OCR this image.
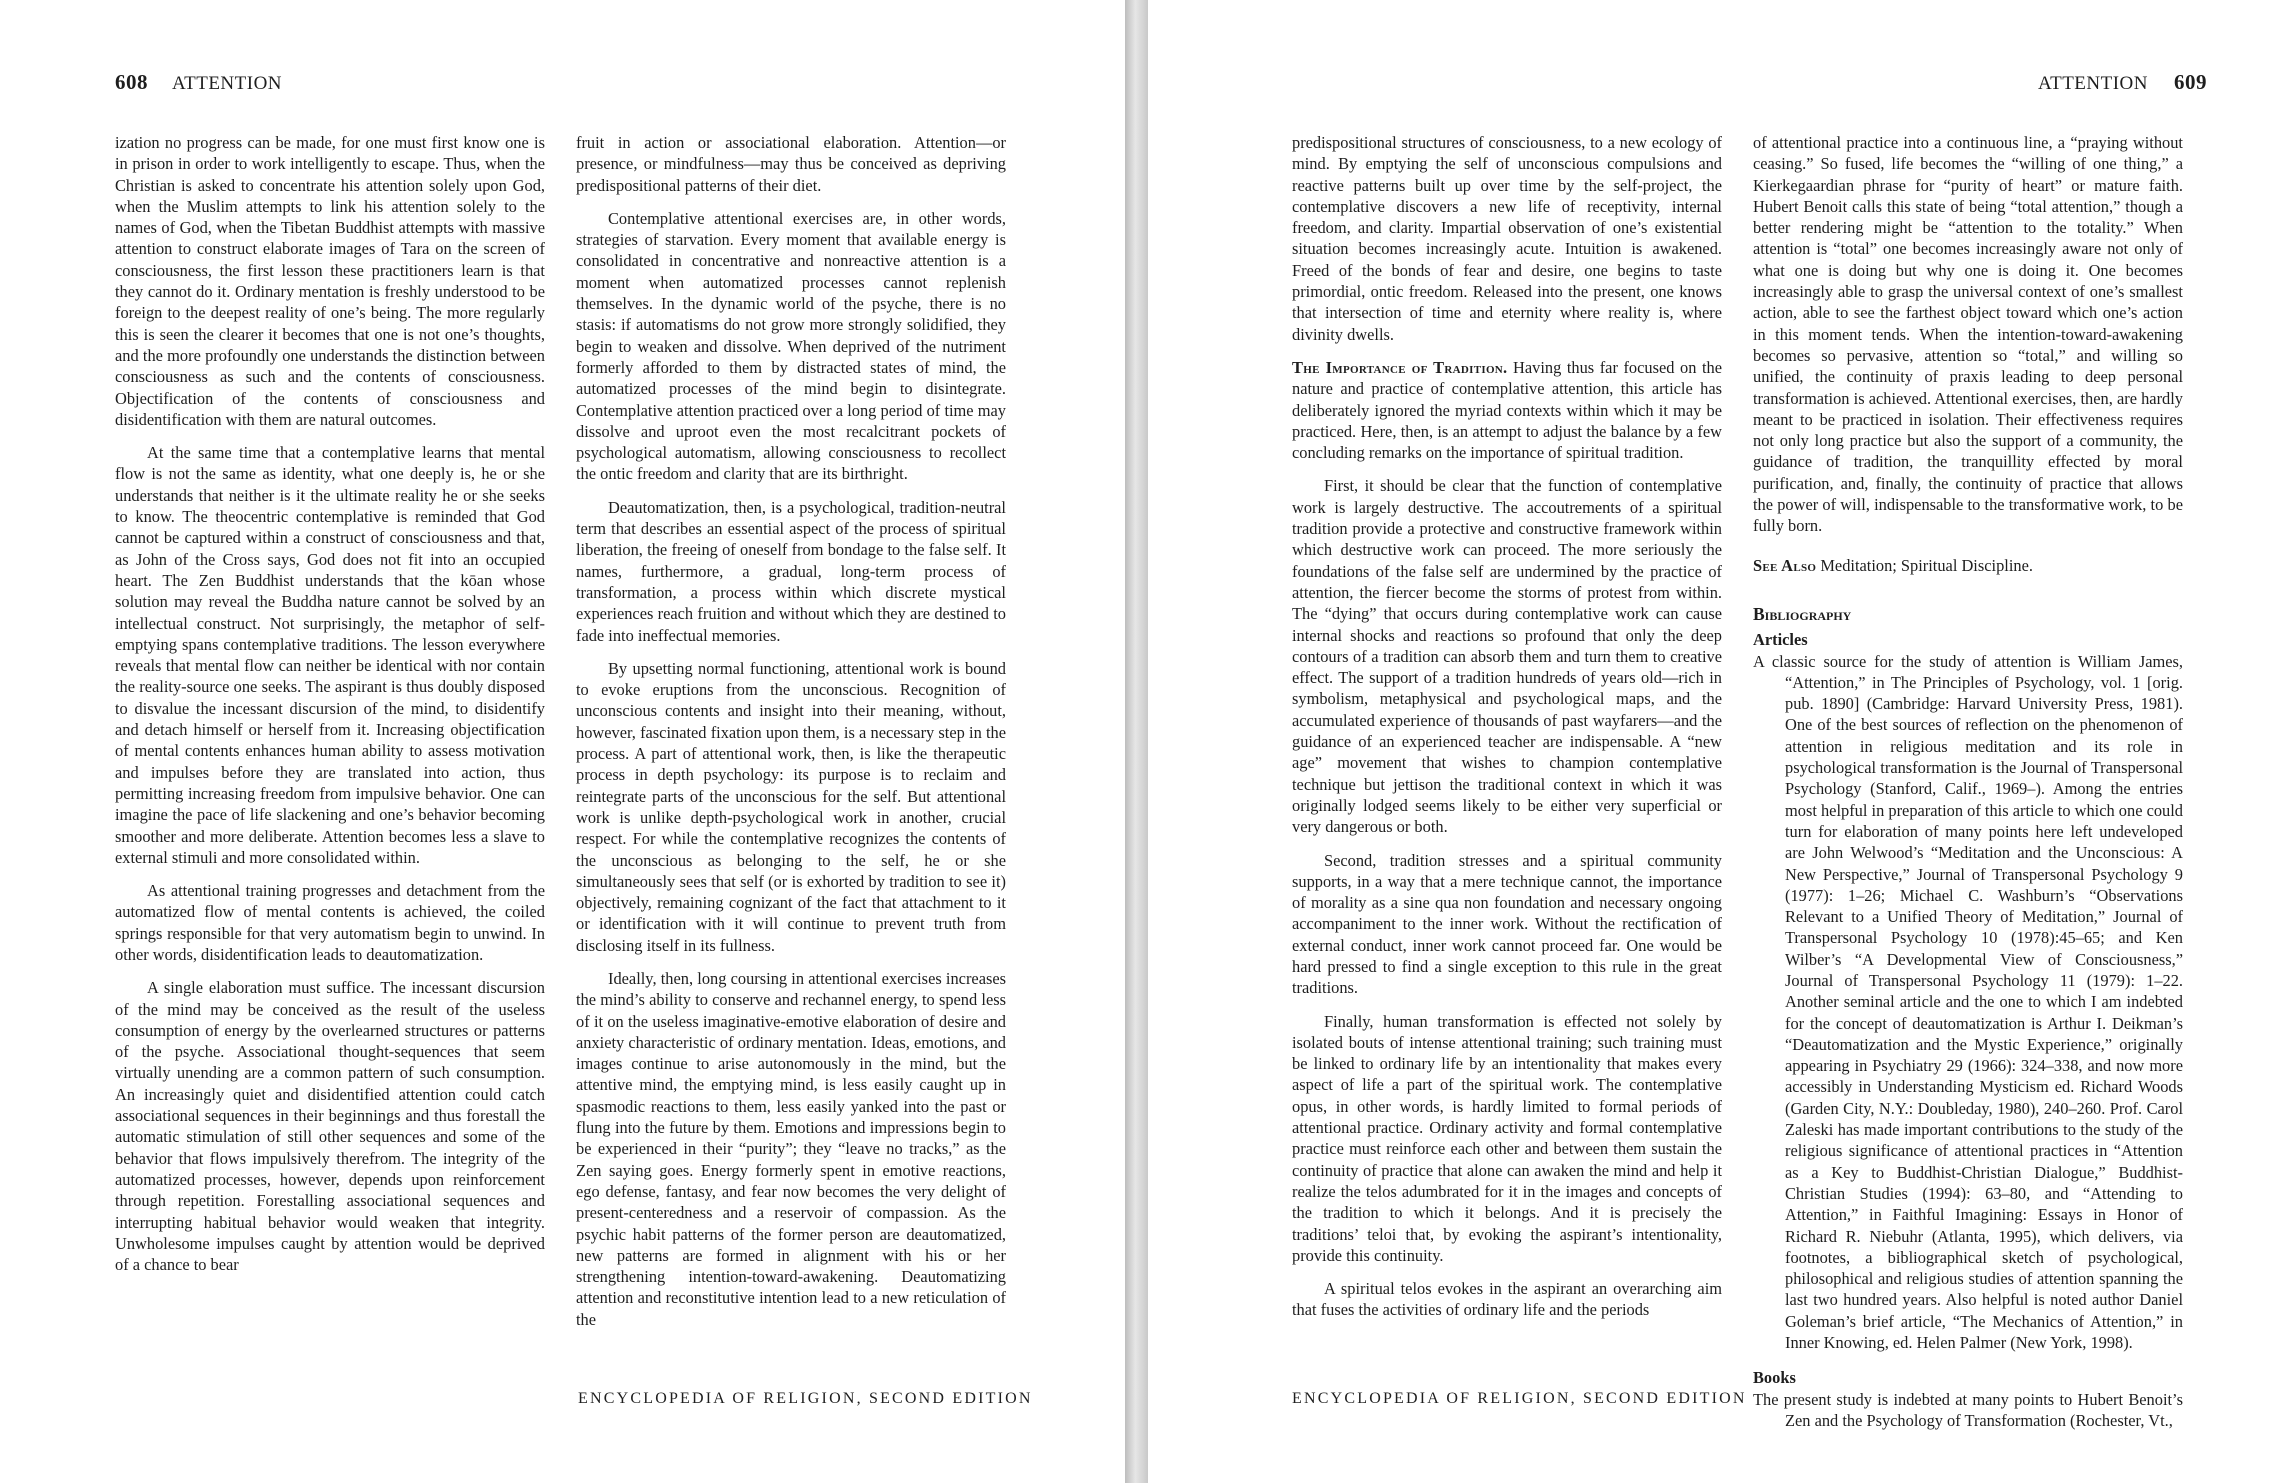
608 ATTENTION

ization no progress can be made, for one must first know one is in prison in order to work intelligently to escape. Thus, when the Christian is asked to concentrate his attention solely upon God, when the Muslim attempts to link his attention solely to the names of God, when the Tibetan Buddhist attempts with massive attention to construct elaborate images of Tara on the screen of consciousness, the first lesson these practitioners learn is that they cannot do it. Ordinary mentation is freshly understood to be foreign to the deepest reality of one’s being. The more regularly this is seen the clearer it becomes that one is not one’s thoughts, and the more profoundly one understands the distinction between consciousness as such and the contents of consciousness. Objectification of the contents of consciousness and disidentification with them are natural outcomes.

At the same time that a contemplative learns that mental flow is not the same as identity, what one deeply is, he or she understands that neither is it the ultimate reality he or she seeks to know. The theocentric contemplative is reminded that God cannot be captured within a construct of consciousness and that, as John of the Cross says, God does not fit into an occupied heart. The Zen Buddhist understands that the kōan whose solution may reveal the Buddha nature cannot be solved by an intellectual construct. Not surprisingly, the metaphor of self-emptying spans contemplative traditions. The lesson everywhere reveals that mental flow can neither be identical with nor contain the reality-source one seeks. The aspirant is thus doubly disposed to disvalue the incessant discursion of the mind, to disidentify and detach himself or herself from it. Increasing objectification of mental contents enhances human ability to assess motivation and impulses before they are translated into action, thus permitting increasing freedom from impulsive behavior. One can imagine the pace of life slackening and one’s behavior becoming smoother and more deliberate. Attention becomes less a slave to external stimuli and more consolidated within.

As attentional training progresses and detachment from the automatized flow of mental contents is achieved, the coiled springs responsible for that very automatism begin to unwind. In other words, disidentification leads to deautomatization.

A single elaboration must suffice. The incessant discursion of the mind may be conceived as the result of the useless consumption of energy by the overlearned structures or patterns of the psyche. Associational thought-sequences that seem virtually unending are a common pattern of such consumption. An increasingly quiet and disidentified attention could catch associational sequences in their beginnings and thus forestall the automatic stimulation of still other sequences and some of the behavior that flows impulsively therefrom. The integrity of the automatized processes, however, depends upon reinforcement through repetition. Forestalling associational sequences and interrupting habitual behavior would weaken that integrity. Unwholesome impulses caught by attention would be deprived of a chance to bear

fruit in action or associational elaboration. Attention—or presence, or mindfulness—may thus be conceived as depriving predispositional patterns of their diet.

Contemplative attentional exercises are, in other words, strategies of starvation. Every moment that available energy is consolidated in concentrative and nonreactive attention is a moment when automatized processes cannot replenish themselves. In the dynamic world of the psyche, there is no stasis: if automatisms do not grow more strongly solidified, they begin to weaken and dissolve. When deprived of the nutriment formerly afforded to them by distracted states of mind, the automatized processes of the mind begin to disintegrate. Contemplative attention practiced over a long period of time may dissolve and uproot even the most recalcitrant pockets of psychological automatism, allowing consciousness to recollect the ontic freedom and clarity that are its birthright.

Deautomatization, then, is a psychological, tradition-neutral term that describes an essential aspect of the process of spiritual liberation, the freeing of oneself from bondage to the false self. It names, furthermore, a gradual, long-term process of transformation, a process within which discrete mystical experiences reach fruition and without which they are destined to fade into ineffectual memories.

By upsetting normal functioning, attentional work is bound to evoke eruptions from the unconscious. Recognition of unconscious contents and insight into their meaning, without, however, fascinated fixation upon them, is a necessary step in the process. A part of attentional work, then, is like the therapeutic process in depth psychology: its purpose is to reclaim and reintegrate parts of the unconscious for the self. But attentional work is unlike depth-psychological work in another, crucial respect. For while the contemplative recognizes the contents of the unconscious as belonging to the self, he or she simultaneously sees that self (or is exhorted by tradition to see it) objectively, remaining cognizant of the fact that attachment to it or identification with it will continue to prevent truth from disclosing itself in its fullness.

Ideally, then, long coursing in attentional exercises increases the mind’s ability to conserve and rechannel energy, to spend less of it on the useless imaginative-emotive elaboration of desire and anxiety characteristic of ordinary mentation. Ideas, emotions, and images continue to arise autonomously in the mind, but the attentive mind, the emptying mind, is less easily caught up in spasmodic reactions to them, less easily yanked into the past or flung into the future by them. Emotions and impressions begin to be experienced in their “purity”; they “leave no tracks,” as the Zen saying goes. Energy formerly spent in emotive reactions, ego defense, fantasy, and fear now becomes the very delight of present-centeredness and a reservoir of compassion. As the psychic habit patterns of the former person are deautomatized, new patterns are formed in alignment with his or her strengthening intention-toward-awakening. Deautomatizing attention and reconstitutive intention lead to a new reticulation of the

ENCYCLOPEDIA OF RELIGION, SECOND EDITION
ATTENTION 609

predispositional structures of consciousness, to a new ecology of mind. By emptying the self of unconscious compulsions and reactive patterns built up over time by the self-project, the contemplative discovers a new life of receptivity, internal freedom, and clarity. Impartial observation of one’s existential situation becomes increasingly acute. Intuition is awakened. Freed of the bonds of fear and desire, one begins to taste primordial, ontic freedom. Released into the present, one knows that intersection of time and eternity where reality is, where divinity dwells.

The Importance of Tradition. Having thus far focused on the nature and practice of contemplative attention, this article has deliberately ignored the myriad contexts within which it may be practiced. Here, then, is an attempt to adjust the balance by a few concluding remarks on the importance of spiritual tradition.

First, it should be clear that the function of contemplative work is largely destructive. The accoutrements of a spiritual tradition provide a protective and constructive framework within which destructive work can proceed. The more seriously the foundations of the false self are undermined by the practice of attention, the fiercer become the storms of protest from within. The “dying” that occurs during contemplative work can cause internal shocks and reactions so profound that only the deep contours of a tradition can absorb them and turn them to creative effect. The support of a tradition hundreds of years old—rich in symbolism, metaphysical and psychological maps, and the accumulated experience of thousands of past wayfarers—and the guidance of an experienced teacher are indispensable. A “new age” movement that wishes to champion contemplative technique but jettison the traditional context in which it was originally lodged seems likely to be either very superficial or very dangerous or both.

Second, tradition stresses and a spiritual community supports, in a way that a mere technique cannot, the importance of morality as a sine qua non foundation and necessary ongoing accompaniment to the inner work. Without the rectification of external conduct, inner work cannot proceed far. One would be hard pressed to find a single exception to this rule in the great traditions.

Finally, human transformation is effected not solely by isolated bouts of intense attentional training; such training must be linked to ordinary life by an intentionality that makes every aspect of life a part of the spiritual work. The contemplative opus, in other words, is hardly limited to formal periods of attentional practice. Ordinary activity and formal contemplative practice must reinforce each other and between them sustain the continuity of practice that alone can awaken the mind and help it realize the telos adumbrated for it in the images and concepts of the tradition to which it belongs. And it is precisely the traditions’ teloi that, by evoking the aspirant’s intentionality, provide this continuity.

A spiritual telos evokes in the aspirant an overarching aim that fuses the activities of ordinary life and the periods

of attentional practice into a continuous line, a “praying without ceasing.” So fused, life becomes the “willing of one thing,” a Kierkegaardian phrase for “purity of heart” or mature faith. Hubert Benoit calls this state of being “total attention,” though a better rendering might be “attention to the totality.” When attention is “total” one becomes increasingly aware not only of what one is doing but why one is doing it. One becomes increasingly able to grasp the universal context of one’s smallest action, able to see the farthest object toward which one’s action in this moment tends. When the intention-toward-awakening becomes so pervasive, attention so “total,” and willing so unified, the continuity of praxis leading to deep personal transformation is achieved. Attentional exercises, then, are hardly meant to be practiced in isolation. Their effectiveness requires not only long practice but also the support of a community, the guidance of tradition, the tranquillity effected by moral purification, and, finally, the continuity of practice that allows the power of will, indispensable to the transformative work, to be fully born.

See Also Meditation; Spiritual Discipline.

Bibliography
Articles
A classic source for the study of attention is William James, “Attention,” in The Principles of Psychology, vol. 1 [orig. pub. 1890] (Cambridge: Harvard University Press, 1981). One of the best sources of reflection on the phenomenon of attention in religious meditation and its role in psychological transformation is the Journal of Transpersonal Psychology (Stanford, Calif., 1969–). Among the entries most helpful in preparation of this article to which one could turn for elaboration of many points here left undeveloped are John Welwood’s “Meditation and the Unconscious: A New Perspective,” Journal of Transpersonal Psychology 9 (1977): 1–26; Michael C. Washburn’s “Observations Relevant to a Unified Theory of Meditation,” Journal of Transpersonal Psychology 10 (1978):45–65; and Ken Wilber’s “A Developmental View of Consciousness,” Journal of Transpersonal Psychology 11 (1979): 1–22. Another seminal article and the one to which I am indebted for the concept of deautomatization is Arthur I. Deikman’s “Deautomatization and the Mystic Experience,” originally appearing in Psychiatry 29 (1966): 324–338, and now more accessibly in Understanding Mysticism ed. Richard Woods (Garden City, N.Y.: Doubleday, 1980), 240–260. Prof. Carol Zaleski has made important contributions to the study of the religious significance of attentional practices in “Attention as a Key to Buddhist-Christian Dialogue,” Buddhist-Christian Studies (1994): 63–80, and “Attending to Attention,” in Faithful Imagining: Essays in Honor of Richard R. Niebuhr (Atlanta, 1995), which delivers, via footnotes, a bibliographical sketch of psychological, philosophical and religious studies of attention spanning the last two hundred years. Also helpful is noted author Daniel Goleman’s brief article, “The Mechanics of Attention,” in Inner Knowing, ed. Helen Palmer (New York, 1998).
Books
The present study is indebted at many points to Hubert Benoit’s Zen and the Psychology of Transformation (Rochester, Vt.,
ENCYCLOPEDIA OF RELIGION, SECOND EDITION
